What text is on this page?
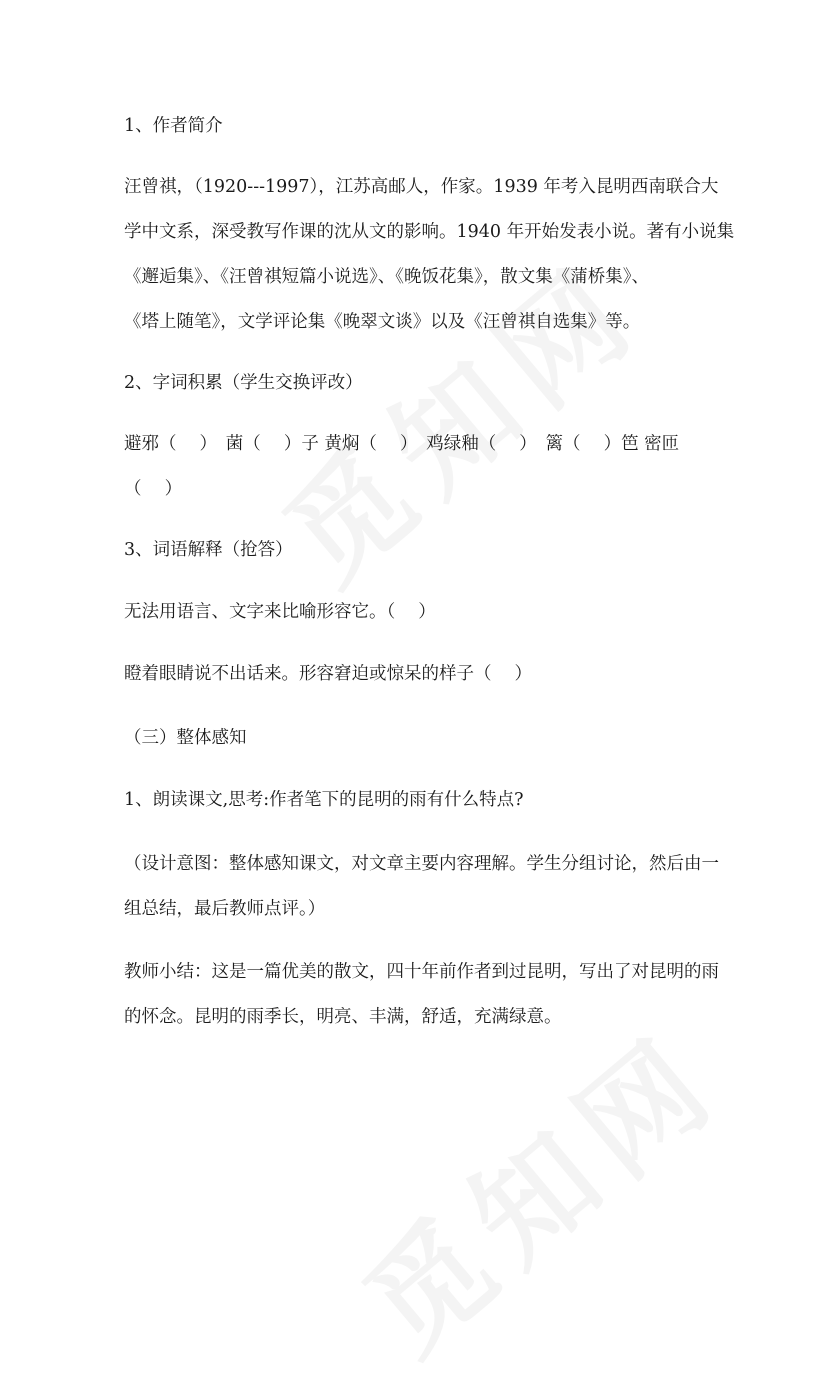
1、作者简介
汪曾祺，（1920---1997），江苏高邮人，作家。1939 年考入昆明西南联合大
学中文系，深受教写作课的沈从文的影响。1940 年开始发表小说。著有小说集
《邂逅集》、《汪曾祺短篇小说选》、《晚饭花集》，散文集《蒲桥集》、
《塔上随笔》，文学评论集《晚翠文谈》以及《汪曾祺自选集》等。
2、字词积累（学生交换评改）
避邪（　 ）　菌（　 ）子 黄焖（　 ）　鸡绿釉（　 ）　篱（　 ）笆 密匝
（　 ）
3、词语解释（抢答）
无法用语言、文字来比喻形容它。（　 ）
瞪着眼睛说不出话来。形容窘迫或惊呆的样子（　 ）
（三）整体感知
1、朗读课文,思考:作者笔下的昆明的雨有什么特点?
（设计意图：整体感知课文，对文章主要内容理解。学生分组讨论，然后由一
组总结，最后教师点评。）
教师小结：这是一篇优美的散文，四十年前作者到过昆明，写出了对昆明的雨
的怀念。昆明的雨季长，明亮、丰满，舒适，充满绿意。
